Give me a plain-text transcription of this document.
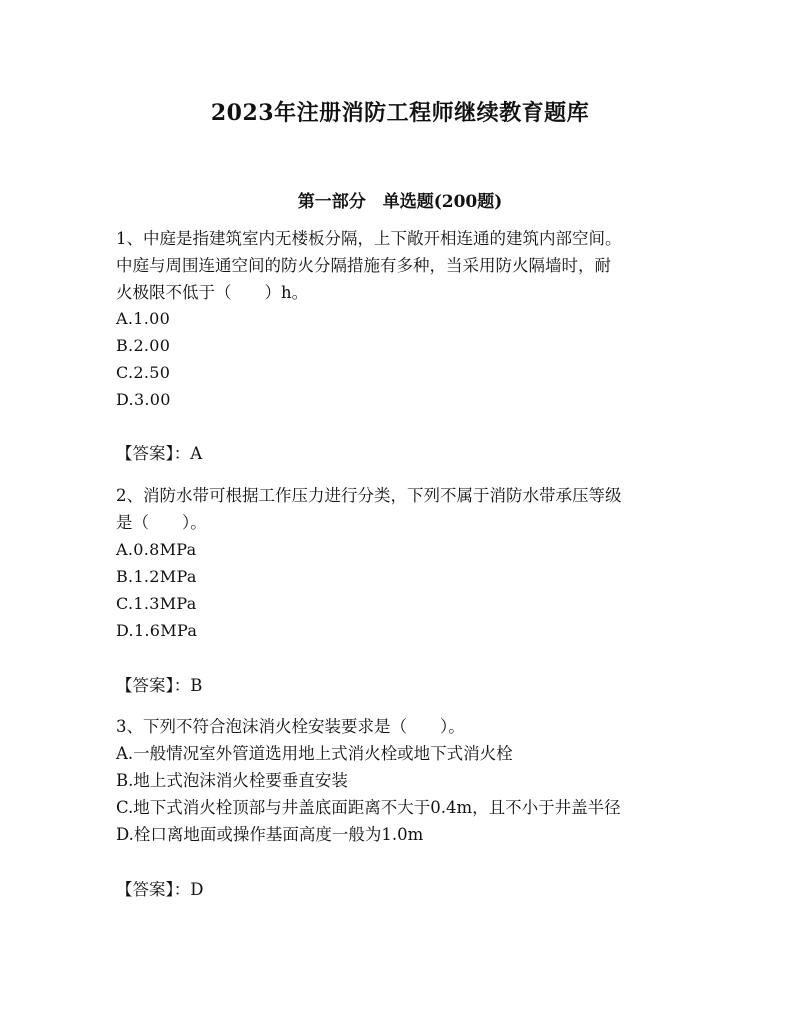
2023年注册消防工程师继续教育题库
第一部分　单选题(200题)
1、中庭是指建筑室内无楼板分隔，上下敞开相连通的建筑内部空间。
中庭与周围连通空间的防火分隔措施有多种，当采用防火隔墙时，耐
火极限不低于（　　）h。
A.1.00
B.2.00
C.2.50
D.3.00
【答案】：A
2、消防水带可根据工作压力进行分类，下列不属于消防水带承压等级
是（　　）。
A.0.8MPa
B.1.2MPa
C.1.3MPa
D.1.6MPa
【答案】：B
3、下列不符合泡沫消火栓安装要求是（　　）。
A.一般情况室外管道选用地上式消火栓或地下式消火栓
B.地上式泡沫消火栓要垂直安装
C.地下式消火栓顶部与井盖底面距离不大于0.4m，且不小于井盖半径
D.栓口离地面或操作基面高度一般为1.0m
【答案】：D
